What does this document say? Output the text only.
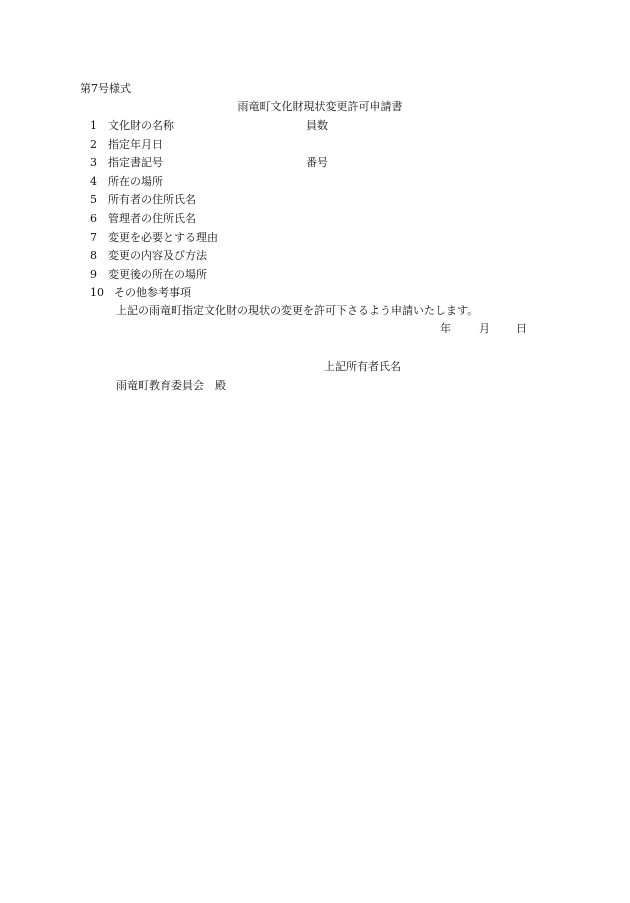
第7号様式
雨竜町文化財現状変更許可申請書
1 文化財の名称	員数
2 指定年月日
3 指定書記号	番号
4 所在の場所
5 所有者の住所氏名
6 管理者の住所氏名
7 変更を必要とする理由
8 変更の内容及び方法
9 変更後の所在の場所
10 その他参考事項
上記の雨竜町指定文化財の現状の変更を許可下さるよう申請いたします。
年	月 日
上記所有者氏名
雨竜町教育委員会　殿
